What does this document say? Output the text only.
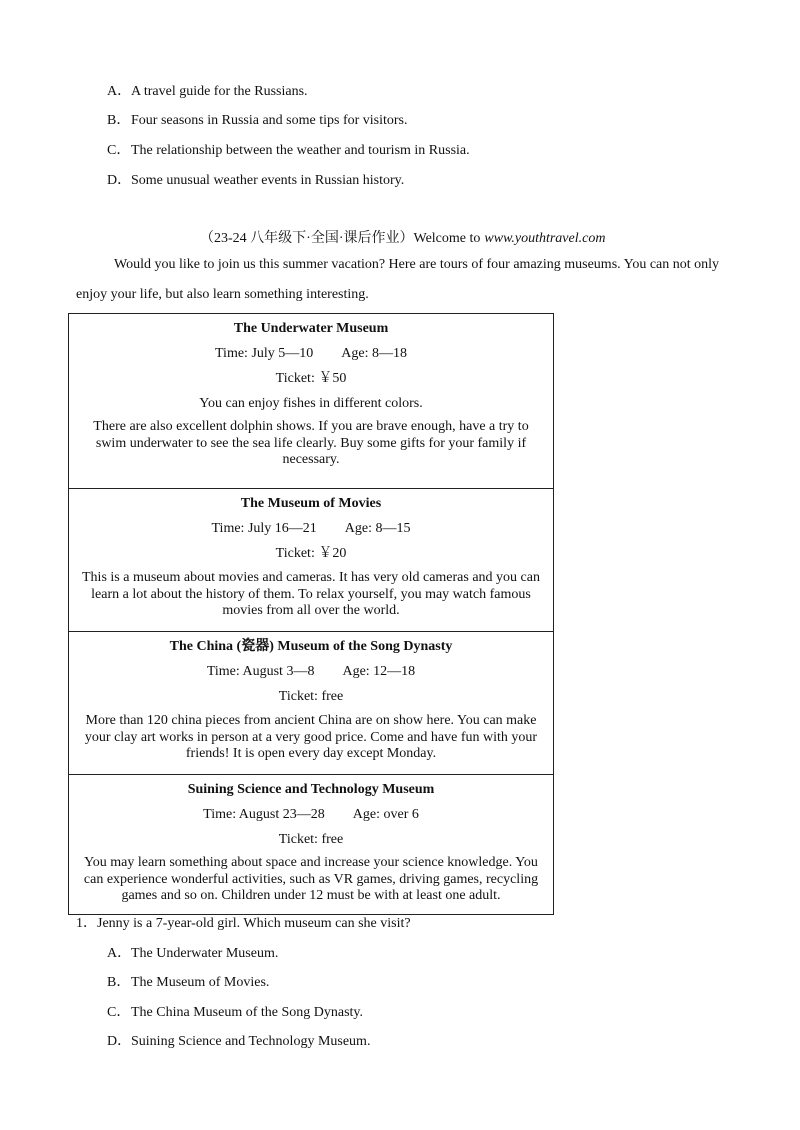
A．A travel guide for the Russians.
B．Four seasons in Russia and some tips for visitors.
C．The relationship between the weather and tourism in Russia.
D．Some unusual weather events in Russian history.
（23-24 八年级下·全国·课后作业）Welcome to www.youthtravel.com
Would you like to join us this summer vacation? Here are tours of four amazing museums. You can not only
enjoy your life, but also learn something interesting.
The Underwater Museum
Time: July 5—10 Age: 8—18
Ticket: ￥50
You can enjoy fishes in different colors.
There are also excellent dolphin shows. If you are brave enough, have a try to swim underwater to see the sea life clearly. Buy some gifts for your family if necessary.
The Museum of Movies
Time: July 16—21 Age: 8—15
Ticket: ￥20
This is a museum about movies and cameras. It has very old cameras and you can learn a lot about the history of them. To relax yourself, you may watch famous movies from all over the world.
The China (瓷器) Museum of the Song Dynasty
Time: August 3—8 Age: 12—18
Ticket: free
More than 120 china pieces from ancient China are on show here. You can make your clay art works in person at a very good price. Come and have fun with your friends! It is open every day except Monday.
Suining Science and Technology Museum
Time: August 23—28 Age: over 6
Ticket: free
You may learn something about space and increase your science knowledge. You can experience wonderful activities, such as VR games, driving games, recycling games and so on. Children under 12 must be with at least one adult.
1．Jenny is a 7-year-old girl. Which museum can she visit?
A．The Underwater Museum.
B．The Museum of Movies.
C．The China Museum of the Song Dynasty.
D．Suining Science and Technology Museum.
